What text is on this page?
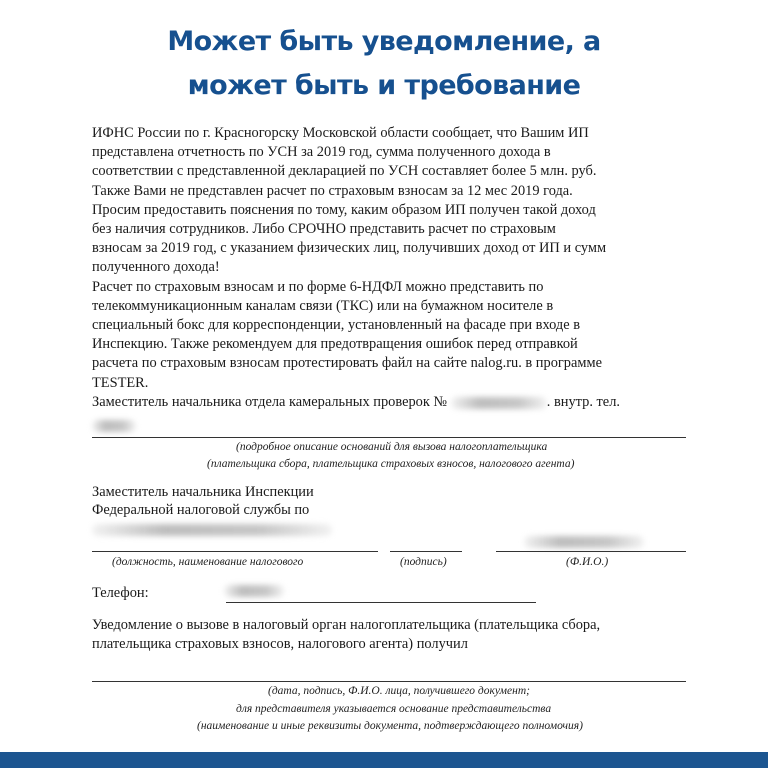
Может быть уведомление, а
может быть и требование

ИФНС России по г. Красногорску Московской области сообщает, что Вашим ИП
представлена отчетность по УСН за 2019 год, сумма полученного дохода в
соответствии с представленной декларацией по УСН составляет более 5 млн. руб.
Также Вами не представлен расчет по страховым взносам за 12 мес 2019 года.
Просим предоставить пояснения по тому, каким образом ИП получен такой доход
без наличия сотрудников. Либо СРОЧНО представить расчет по страховым
взносам за 2019 год, с указанием физических лиц, получивших доход от ИП и сумм
полученного дохода!
Расчет по страховым взносам и по форме 6-НДФЛ можно представить по
телекоммуникационным каналам связи (ТКС) или на бумажном носителе в
специальный бокс для корреспонденции, установленный на фасаде при входе в
Инспекцию. Также рекомендуем для предотвращения ошибок перед отправкой
расчета по страховым взносам протестировать файл на сайте nalog.ru. в программе
TESTER.
Заместитель начальника отдела камеральных проверок №	. внутр. тел.

(подробное описание оснований для вызова налогоплательщика
(плательщика сбора, плательщика страховых взносов, налогового агента)
Заместитель начальника Инспекции
Федеральной налоговой службы по
(должность, наименование налогового	(подпись)	(Ф.И.О.)
Телефон:
Уведомление о вызове в налоговый орган налогоплательщика (плательщика сбора,
плательщика страховых взносов, налогового агента) получил
(дата, подпись, Ф.И.О. лица, получившего документ;
для представителя указывается основание представительства
(наименование и иные реквизиты документа, подтверждающего полномочия)
